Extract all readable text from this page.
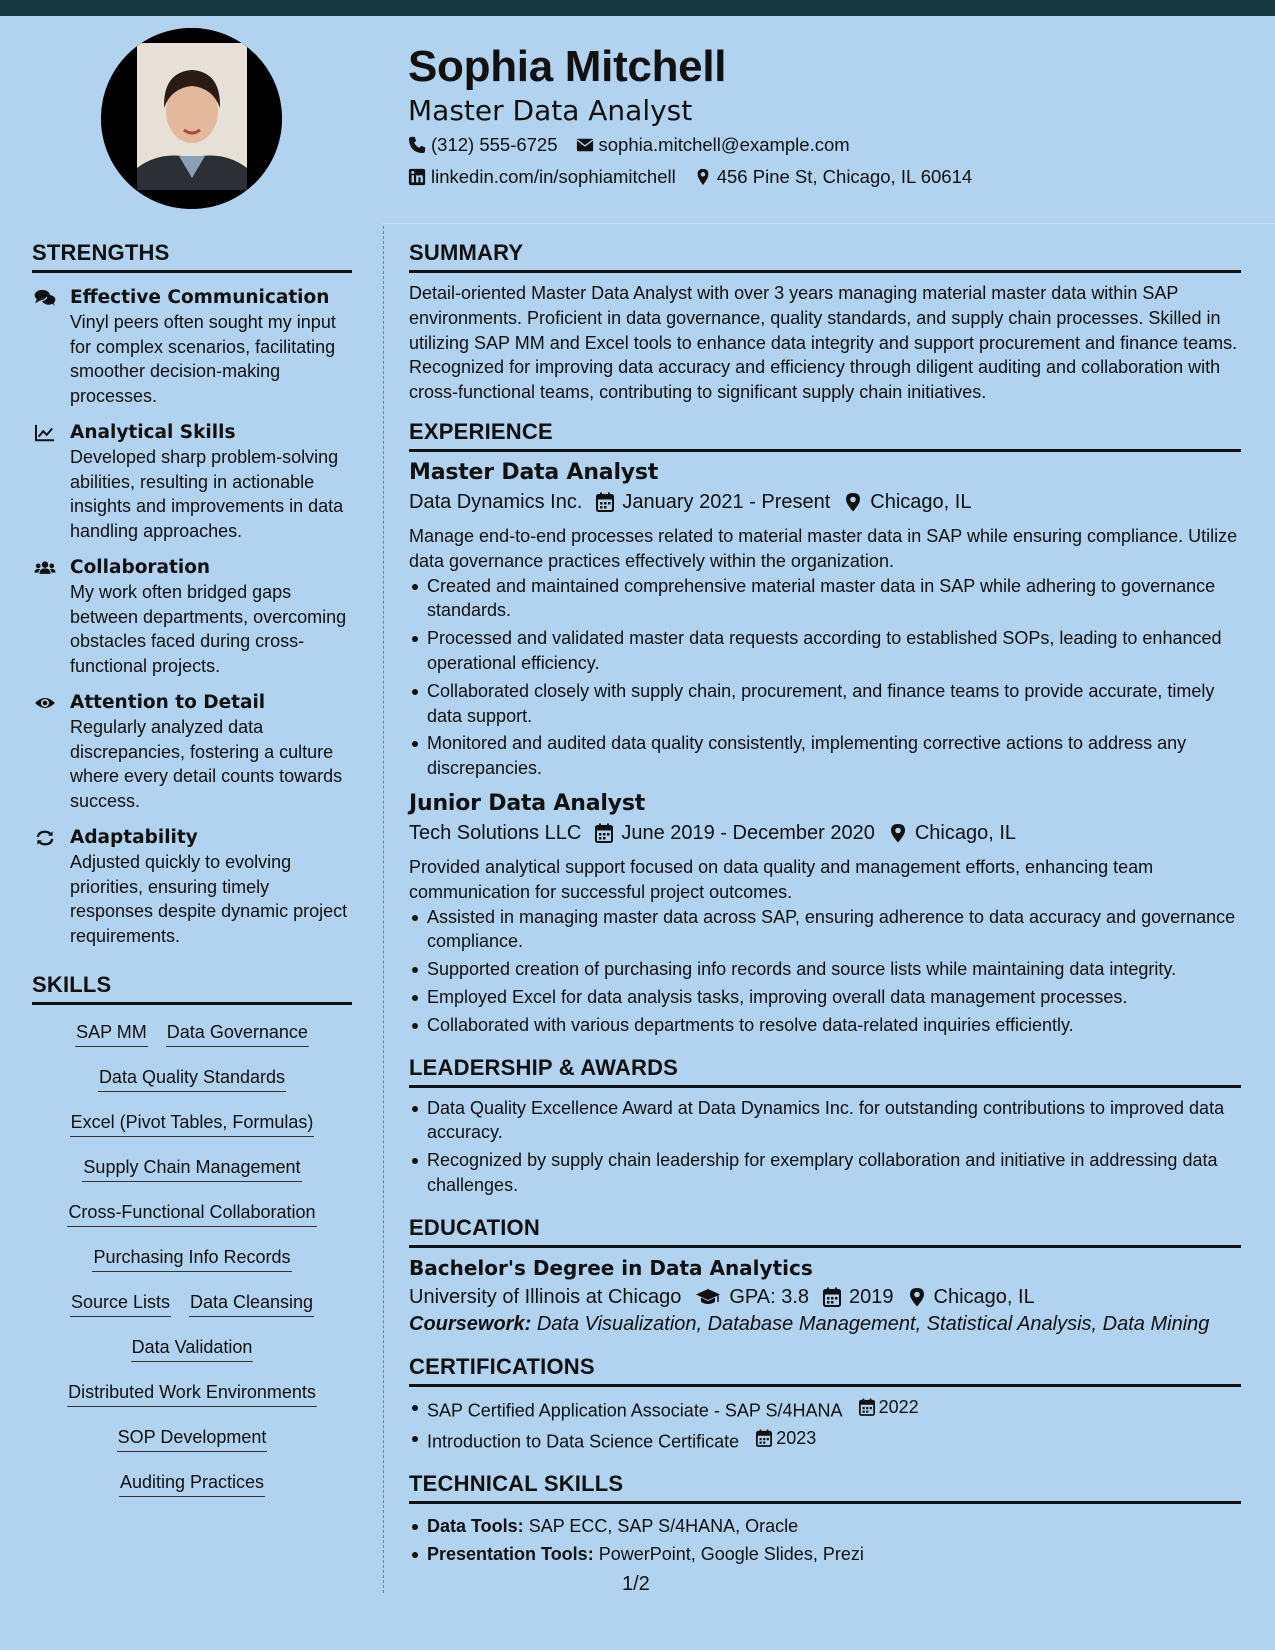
Sophia Mitchell
Master Data Analyst
(312) 555-6725 sophia.mitchell@example.com
linkedin.com/in/sophiamitchell 456 Pine St, Chicago, IL 60614
STRENGTHS
Effective Communication
Vinyl peers often sought my input for complex scenarios, facilitating smoother decision-making processes.
Analytical Skills
Developed sharp problem-solving abilities, resulting in actionable insights and improvements in data handling approaches.
Collaboration
My work often bridged gaps between departments, overcoming obstacles faced during cross-functional projects.
Attention to Detail
Regularly analyzed data discrepancies, fostering a culture where every detail counts towards success.
Adaptability
Adjusted quickly to evolving priorities, ensuring timely responses despite dynamic project requirements.
SKILLS
SAP MM Data Governance
Data Quality Standards
Excel (Pivot Tables, Formulas)
Supply Chain Management
Cross-Functional Collaboration
Purchasing Info Records
Source Lists Data Cleansing
Data Validation
Distributed Work Environments
SOP Development
Auditing Practices
SUMMARY
Detail-oriented Master Data Analyst with over 3 years managing material master data within SAP environments. Proficient in data governance, quality standards, and supply chain processes. Skilled in utilizing SAP MM and Excel tools to enhance data integrity and support procurement and finance teams. Recognized for improving data accuracy and efficiency through diligent auditing and collaboration with cross-functional teams, contributing to significant supply chain initiatives.
EXPERIENCE
Master Data Analyst
Data Dynamics Inc. January 2021 - Present Chicago, IL
Manage end-to-end processes related to material master data in SAP while ensuring compliance. Utilize data governance practices effectively within the organization.
Created and maintained comprehensive material master data in SAP while adhering to governance standards.
Processed and validated master data requests according to established SOPs, leading to enhanced operational efficiency.
Collaborated closely with supply chain, procurement, and finance teams to provide accurate, timely data support.
Monitored and audited data quality consistently, implementing corrective actions to address any discrepancies.
Junior Data Analyst
Tech Solutions LLC June 2019 - December 2020 Chicago, IL
Provided analytical support focused on data quality and management efforts, enhancing team communication for successful project outcomes.
Assisted in managing master data across SAP, ensuring adherence to data accuracy and governance compliance.
Supported creation of purchasing info records and source lists while maintaining data integrity.
Employed Excel for data analysis tasks, improving overall data management processes.
Collaborated with various departments to resolve data-related inquiries efficiently.
LEADERSHIP & AWARDS
Data Quality Excellence Award at Data Dynamics Inc. for outstanding contributions to improved data accuracy.
Recognized by supply chain leadership for exemplary collaboration and initiative in addressing data challenges.
EDUCATION
Bachelor's Degree in Data Analytics
University of Illinois at Chicago GPA: 3.8 2019 Chicago, IL
Coursework: Data Visualization, Database Management, Statistical Analysis, Data Mining
CERTIFICATIONS
SAP Certified Application Associate - SAP S/4HANA 2022
Introduction to Data Science Certificate 2023
TECHNICAL SKILLS
Data Tools: SAP ECC, SAP S/4HANA, Oracle
Presentation Tools: PowerPoint, Google Slides, Prezi
1/2
